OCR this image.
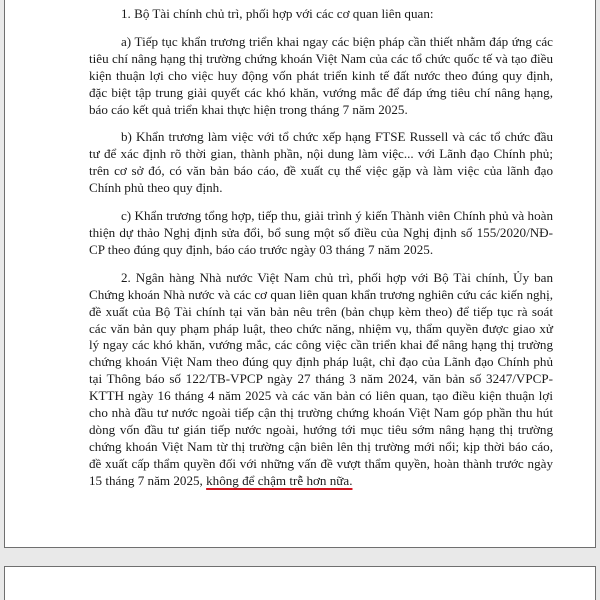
1. Bộ Tài chính chủ trì, phối hợp với các cơ quan liên quan:

a) Tiếp tục khẩn trương triển khai ngay các biện pháp cần thiết nhằm đáp ứng các tiêu chí nâng hạng thị trường chứng khoán Việt Nam của các tổ chức quốc tế và tạo điều kiện thuận lợi cho việc huy động vốn phát triển kinh tế đất nước theo đúng quy định, đặc biệt tập trung giải quyết các khó khăn, vướng mắc để đáp ứng tiêu chí nâng hạng, báo cáo kết quả triển khai thực hiện trong tháng 7 năm 2025.

b) Khẩn trương làm việc với tổ chức xếp hạng FTSE Russell và các tổ chức đầu tư để xác định rõ thời gian, thành phần, nội dung làm việc... với Lãnh đạo Chính phủ; trên cơ sở đó, có văn bản báo cáo, đề xuất cụ thể việc gặp và làm việc của lãnh đạo Chính phủ theo quy định.

c) Khẩn trương tổng hợp, tiếp thu, giải trình ý kiến Thành viên Chính phủ và hoàn thiện dự thảo Nghị định sửa đổi, bổ sung một số điều của Nghị định số 155/2020/NĐ-CP theo đúng quy định, báo cáo trước ngày 03 tháng 7 năm 2025.

2. Ngân hàng Nhà nước Việt Nam chủ trì, phối hợp với Bộ Tài chính, Ủy ban Chứng khoán Nhà nước và các cơ quan liên quan khẩn trương nghiên cứu các kiến nghị, đề xuất của Bộ Tài chính tại văn bản nêu trên (bản chụp kèm theo) để tiếp tục rà soát các văn bản quy phạm pháp luật, theo chức năng, nhiệm vụ, thẩm quyền được giao xử lý ngay các khó khăn, vướng mắc, các công việc cần triển khai để nâng hạng thị trường chứng khoán Việt Nam theo đúng quy định pháp luật, chỉ đạo của Lãnh đạo Chính phủ tại Thông báo số 122/TB-VPCP ngày 27 tháng 3 năm 2024, văn bản số 3247/VPCP-KTTH ngày 16 tháng 4 năm 2025 và các văn bản có liên quan, tạo điều kiện thuận lợi cho nhà đầu tư nước ngoài tiếp cận thị trường chứng khoán Việt Nam góp phần thu hút dòng vốn đầu tư gián tiếp nước ngoài, hướng tới mục tiêu sớm nâng hạng thị trường chứng khoán Việt Nam từ thị trường cận biên lên thị trường mới nổi; kịp thời báo cáo, đề xuất cấp thẩm quyền đối với những vấn đề vượt thẩm quyền, hoàn thành trước ngày 15 tháng 7 năm 2025, không để chậm trễ hơn nữa.
